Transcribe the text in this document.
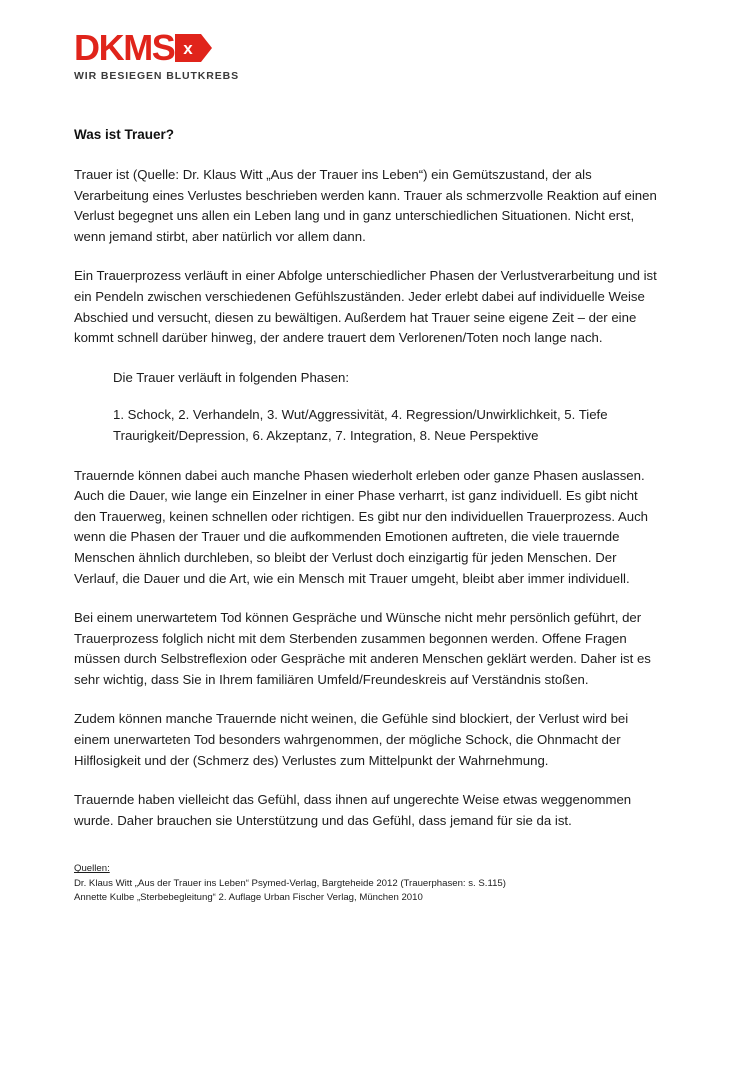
DKMS x
WIR BESIEGEN BLUTKREBS
Was ist Trauer?

Trauer ist (Quelle: Dr. Klaus Witt „Aus der Trauer ins Leben“) ein Gemütszustand, der als Verarbeitung eines Verlustes beschrieben werden kann. Trauer als schmerzvolle Reaktion auf einen Verlust begegnet uns allen ein Leben lang und in ganz unterschiedlichen Situationen. Nicht erst, wenn jemand stirbt, aber natürlich vor allem dann.

Ein Trauerprozess verläuft in einer Abfolge unterschiedlicher Phasen der Verlustverarbeitung und ist ein Pendeln zwischen verschiedenen Gefühlszuständen. Jeder erlebt dabei auf individuelle Weise Abschied und versucht, diesen zu bewältigen. Außerdem hat Trauer seine eigene Zeit – der eine kommt schnell darüber hinweg, der andere trauert dem Verlorenen/Toten noch lange nach.

Die Trauer verläuft in folgenden Phasen:

1. Schock, 2. Verhandeln, 3. Wut/Aggressivität, 4. Regression/Unwirklichkeit, 5. Tiefe Traurigkeit/Depression, 6. Akzeptanz, 7. Integration, 8. Neue Perspektive

Trauernde können dabei auch manche Phasen wiederholt erleben oder ganze Phasen auslassen. Auch die Dauer, wie lange ein Einzelner in einer Phase verharrt, ist ganz individuell. Es gibt nicht den Trauerweg, keinen schnellen oder richtigen. Es gibt nur den individuellen Trauerprozess. Auch wenn die Phasen der Trauer und die aufkommenden Emotionen auftreten, die viele trauernde Menschen ähnlich durchleben, so bleibt der Verlust doch einzigartig für jeden Menschen. Der Verlauf, die Dauer und die Art, wie ein Mensch mit Trauer umgeht, bleibt aber immer individuell.

Bei einem unerwartetem Tod können Gespräche und Wünsche nicht mehr persönlich geführt, der Trauerprozess folglich nicht mit dem Sterbenden zusammen begonnen werden. Offene Fragen müssen durch Selbstreflexion oder Gespräche mit anderen Menschen geklärt werden. Daher ist es sehr wichtig, dass Sie in Ihrem familiären Umfeld/Freundeskreis auf Verständnis stoßen.

Zudem können manche Trauernde nicht weinen, die Gefühle sind blockiert, der Verlust wird bei einem unerwarteten Tod besonders wahrgenommen, der mögliche Schock, die Ohnmacht der Hilflosigkeit und der (Schmerz des) Verlustes zum Mittelpunkt der Wahrnehmung.

Trauernde haben vielleicht das Gefühl, dass ihnen auf ungerechte Weise etwas weggenommen wurde. Daher brauchen sie Unterstützung und das Gefühl, dass jemand für sie da ist.

Quellen:

Dr. Klaus Witt „Aus der Trauer ins Leben“ Psymed-Verlag, Bargteheide 2012 (Trauerphasen: s. S.115)

Annette Kulbe „Sterbebegleitung“ 2. Auflage Urban Fischer Verlag, München 2010
